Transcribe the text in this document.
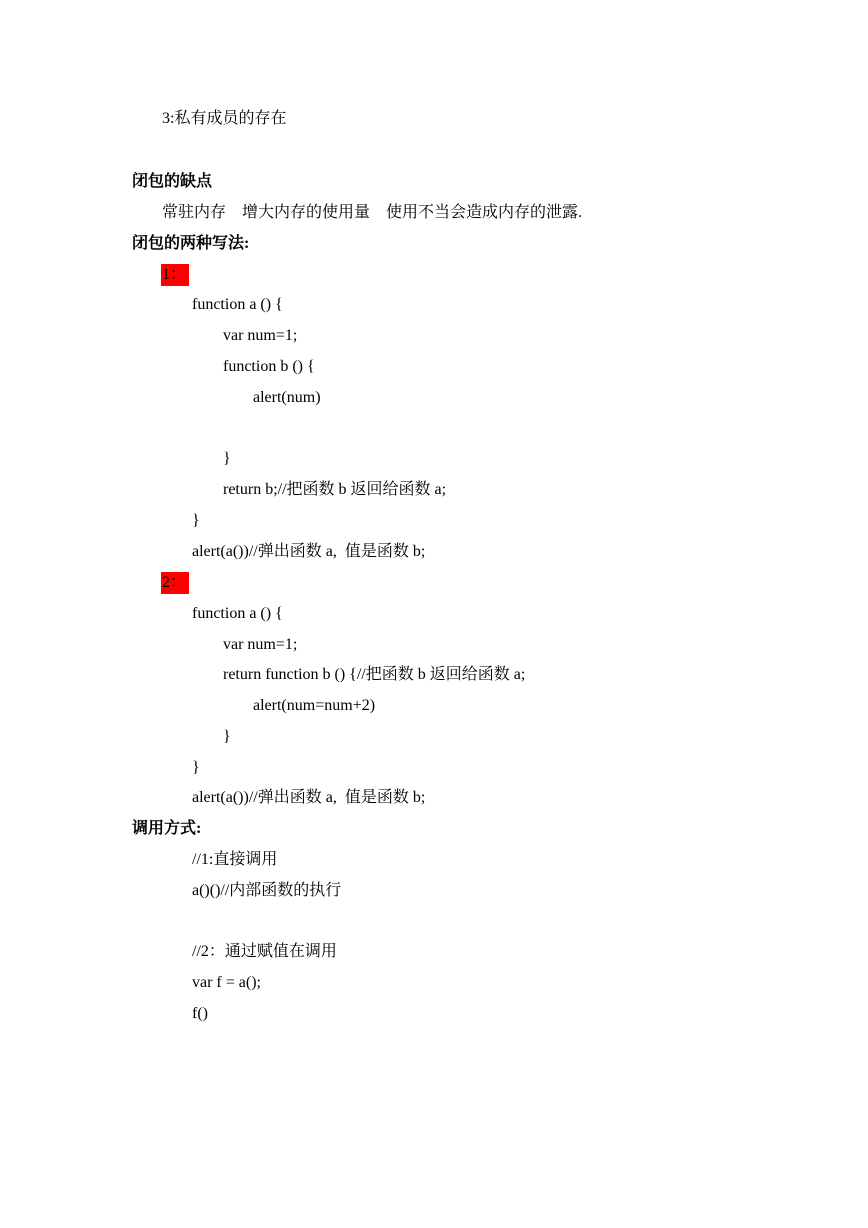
3:私有成员的存在
闭包的缺点
常驻内存    增大内存的使用量    使用不当会造成内存的泄露.
闭包的两种写法:
1：
function a () {
var num=1;
function b () {
alert(num)
}
return b;//把函数 b 返回给函数 a;
}
alert(a())//弹出函数 a,  值是函数 b;
2：
function a () {
var num=1;
return function b () {//把函数 b 返回给函数 a;
alert(num=num+2)
}
}
alert(a())//弹出函数 a,  值是函数 b;
调用方式:
//1:直接调用
a()()//内部函数的执行
//2：通过赋值在调用
var f = a();
f()
